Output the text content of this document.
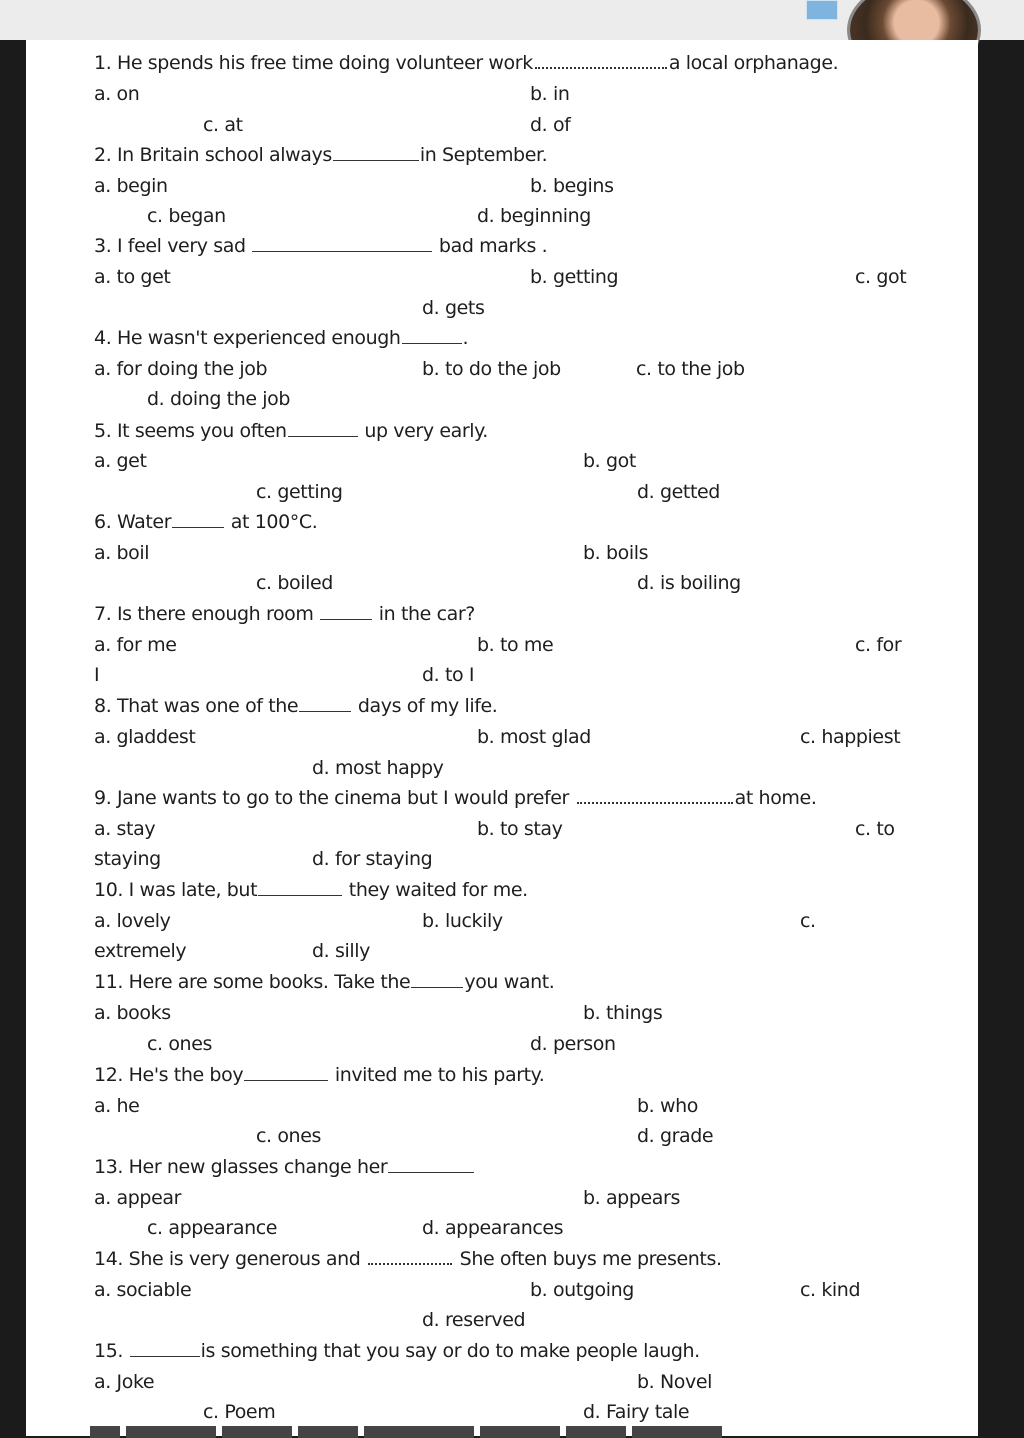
1. He spends his free time doing volunteer work	a local orphanage.
a. on	b. in
c. at	d. of
2. In Britain school always	in September.
a. begin	b. begins
c. began	d. beginning
3. I feel very sad	bad marks .
a. to get	b. getting	c. got
d. gets
4. He wasn't experienced enough	.
a. for doing the job	b. to do the job	c. to the job
d. doing the job
5. It seems you often	up very early.
a. get	b. got
c. getting	d. getted
6. Water	at 100°C.
a. boil	b. boils
c. boiled	d. is boiling
7. Is there enough room	in the car?
a. for me	b. to me	c. for
I	d. to I
8. That was one of the	days of my life.
a. gladdest	b. most glad	c. happiest
d. most happy
9. Jane wants to go to the cinema but I would prefer	at home.
a. stay	b. to stay	c. to
staying	d. for staying
10. I was late, but	they waited for me.
a. lovely	b. luckily	c.
extremely	d. silly
11. Here are some books. Take the	you want.
a. books	b. things
c. ones	d. person
12. He's the boy	invited me to his party.
a. he	b. who
c. ones	d. grade
13. Her new glasses change her
a. appear	b. appears
c. appearance	d. appearances
14. She is very generous and	She often buys me presents.
a. sociable	b. outgoing	c. kind
d. reserved
15.	is something that you say or do to make people laugh.
a. Joke	b. Novel
c. Poem	d. Fairy tale
